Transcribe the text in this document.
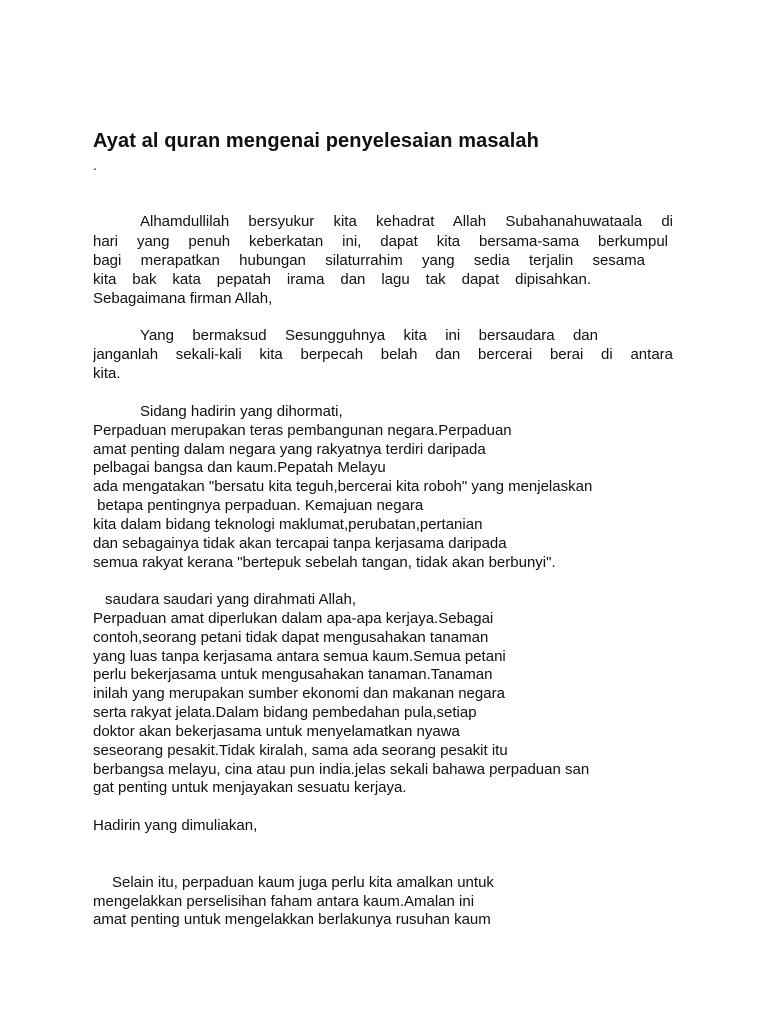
Ayat al quran mengenai penyelesaian masalah
.
Alhamdullilah bersyukur kita kehadrat Allah Subahanahuwataala di
hari yang penuh keberkatan ini, dapat kita bersama-sama berkumpul
bagi merapatkan hubungan silaturrahim yang sedia terjalin sesama
kita bak kata pepatah irama dan lagu tak dapat dipisahkan.
Sebagaimana firman Allah,
Yang bermaksud Sesungguhnya kita ini bersaudara dan
janganlah sekali-kali kita berpecah belah dan bercerai berai di antara
kita.
Sidang hadirin yang dihormati,
Perpaduan merupakan teras pembangunan negara.Perpaduan
amat penting dalam negara yang rakyatnya terdiri daripada
pelbagai bangsa dan kaum.Pepatah Melayu
ada mengatakan "bersatu kita teguh,bercerai kita roboh" yang menjelaskan
betapa pentingnya perpaduan. Kemajuan negara
kita dalam bidang teknologi maklumat,perubatan,pertanian
dan sebagainya tidak akan tercapai tanpa kerjasama daripada
semua rakyat kerana "bertepuk sebelah tangan, tidak akan berbunyi".
saudara saudari yang dirahmati Allah,
Perpaduan amat diperlukan dalam apa-apa kerjaya.Sebagai
contoh,seorang petani tidak dapat mengusahakan tanaman
yang luas tanpa kerjasama antara semua kaum.Semua petani
perlu bekerjasama untuk mengusahakan tanaman.Tanaman
inilah yang merupakan sumber ekonomi dan makanan negara
serta rakyat jelata.Dalam bidang pembedahan pula,setiap
doktor akan bekerjasama untuk menyelamatkan nyawa
seseorang pesakit.Tidak kiralah, sama ada seorang pesakit itu
berbangsa melayu, cina atau pun india.jelas sekali bahawa perpaduan san
gat penting untuk menjayakan sesuatu kerjaya.
Hadirin yang dimuliakan,
Selain itu, perpaduan kaum juga perlu kita amalkan untuk
mengelakkan perselisihan faham antara kaum.Amalan ini
amat penting untuk mengelakkan berlakunya rusuhan kaum
